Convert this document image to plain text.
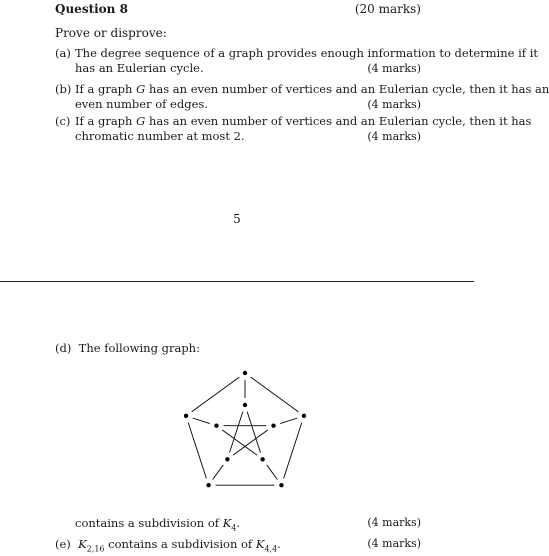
Question 8	(20 marks)
Prove or disprove:
(a) The degree sequence of a graph provides enough information to determine if it
has an Eulerian cycle.	(4 marks)
(b) If a graph G has an even number of vertices and an Eulerian cycle, then it has an
even number of edges.	(4 marks)
(c) If a graph G has an even number of vertices and an Eulerian cycle, then it has
chromatic number at most 2.	(4 marks)
5
(d) The following graph:
contains a subdivision of $K_4$.	(4 marks)
(e) $K_{2,16}$ contains a subdivision of $K_{4,4}$.	(4 marks)
